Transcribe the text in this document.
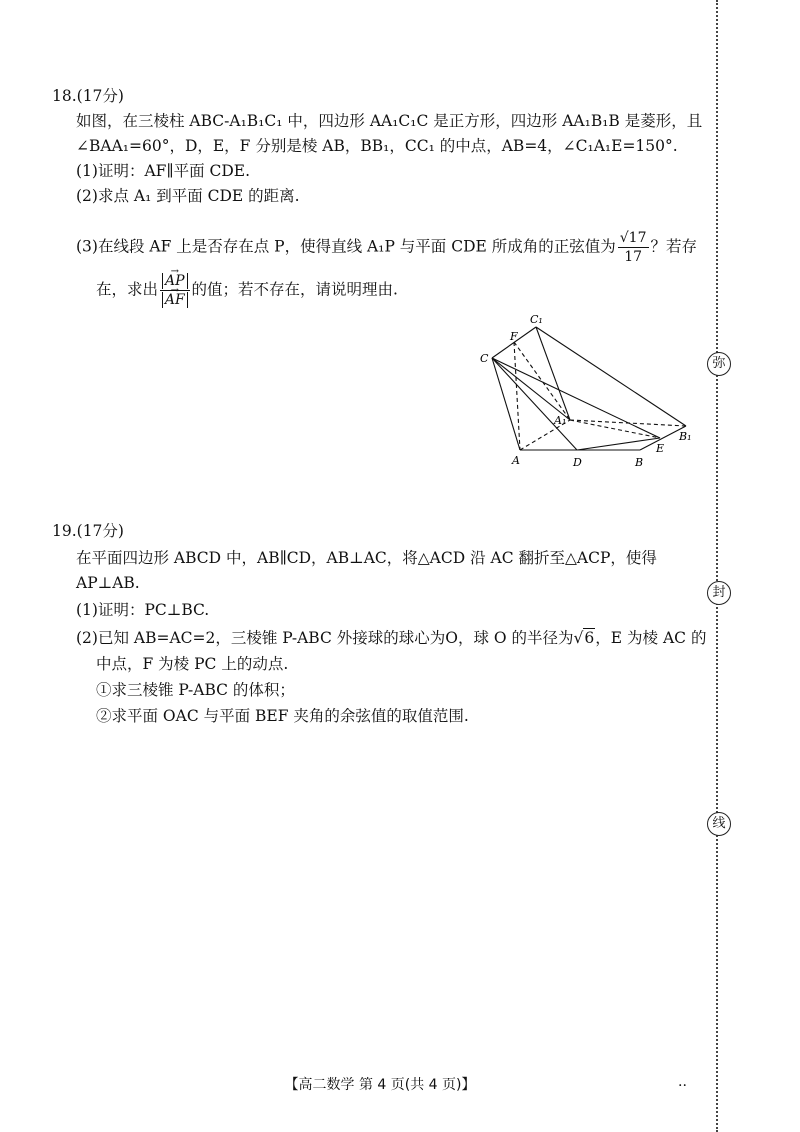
弥
封
线
18.(17分)
如图，在三棱柱 ABC-A₁B₁C₁ 中，四边形 AA₁C₁C 是正方形，四边形 AA₁B₁B 是菱形，且
∠BAA₁=60°，D，E，F 分别是棱 AB，BB₁，CC₁ 的中点，AB=4，∠C₁A₁E=150°.
(1)证明：AF∥平面 CDE.
(2)求点 A₁ 到平面 CDE 的距离.
(3)在线段 AF 上是否存在点 P，使得直线 A₁P 与平面 CDE 所成角的正弦值为 $\frac{√17}{17}$ ？若存
在，求出
→ AP
→ AF 的值；若不存在，请说明理由.
C₁
F
C
A₁
B₁
E
A	D	B
19.(17分)
在平面四边形 ABCD 中，AB∥CD，AB⊥AC，将△ACD 沿 AC 翻折至△ACP，使得
AP⊥AB.
(1)证明：PC⊥BC.
(2)已知 AB=AC=2，三棱锥 P-ABC 外接球的球心为O，球 O 的半径为√6，E 为棱 AC 的
中点，F 为棱 PC 上的动点.
①求三棱锥 P-ABC 的体积；
②求平面 OAC 与平面 BEF 夹角的余弦值的取值范围.
【高二数学 第 4 页(共 4 页)】	..
